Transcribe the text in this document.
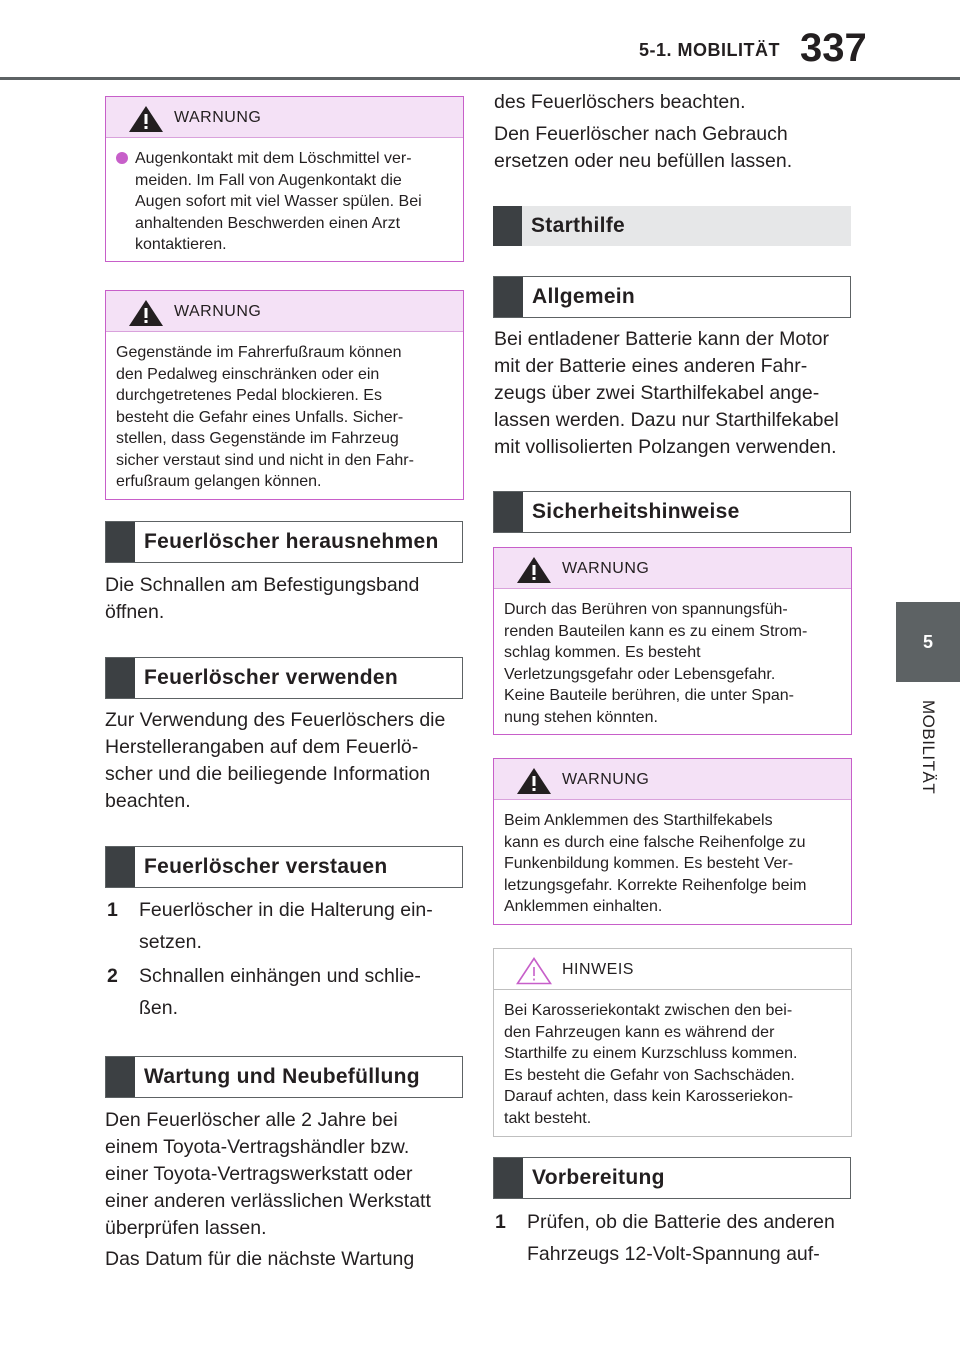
5-1. MOBILITÄT 337
5
MOBILITÄT
WARNUNG
Augenkontakt mit dem Löschmittel ver-
meiden. Im Fall von Augenkontakt die
Augen sofort mit viel Wasser spülen. Bei
anhaltenden Beschwerden einen Arzt
kontaktieren.
WARNUNG
Gegenstände im Fahrerfußraum können
den Pedalweg einschränken oder ein
durchgetretenes Pedal blockieren. Es
besteht die Gefahr eines Unfalls. Sicher-
stellen, dass Gegenstände im Fahrzeug
sicher verstaut sind und nicht in den Fahr-
erfußraum gelangen können.
Feuerlöscher herausnehmen
Die Schnallen am Befestigungsband
öffnen.
Feuerlöscher verwenden
Zur Verwendung des Feuerlöschers die
Herstellerangaben auf dem Feuerlö-
scher und die beiliegende Information
beachten.
Feuerlöscher verstauen
1	Feuerlöscher in die Halterung ein-
setzen.
2	Schnallen einhängen und schlie-
ßen.
Wartung und Neubefüllung
Den Feuerlöscher alle 2 Jahre bei
einem Toyota-Vertragshändler bzw.
einer Toyota-Vertragswerkstatt oder
einer anderen verlässlichen Werkstatt
überprüfen lassen.
Das Datum für die nächste Wartung
des Feuerlöschers beachten.
Den Feuerlöscher nach Gebrauch
ersetzen oder neu befüllen lassen.
Starthilfe
Allgemein
Bei entladener Batterie kann der Motor
mit der Batterie eines anderen Fahr-
zeugs über zwei Starthilfekabel ange-
lassen werden. Dazu nur Starthilfekabel
mit vollisolierten Polzangen verwenden.
Sicherheitshinweise
WARNUNG
Durch das Berühren von spannungsfüh-
renden Bauteilen kann es zu einem Strom-
schlag kommen. Es besteht
Verletzungsgefahr oder Lebensgefahr.
Keine Bauteile berühren, die unter Span-
nung stehen könnten.
WARNUNG
Beim Anklemmen des Starthilfekabels
kann es durch eine falsche Reihenfolge zu
Funkenbildung kommen. Es besteht Ver-
letzungsgefahr. Korrekte Reihenfolge beim
Anklemmen einhalten.
HINWEIS
Bei Karosseriekontakt zwischen den bei-
den Fahrzeugen kann es während der
Starthilfe zu einem Kurzschluss kommen.
Es besteht die Gefahr von Sachschäden.
Darauf achten, dass kein Karosseriekon-
takt besteht.
Vorbereitung
1	Prüfen, ob die Batterie des anderen
Fahrzeugs 12-Volt-Spannung auf-
